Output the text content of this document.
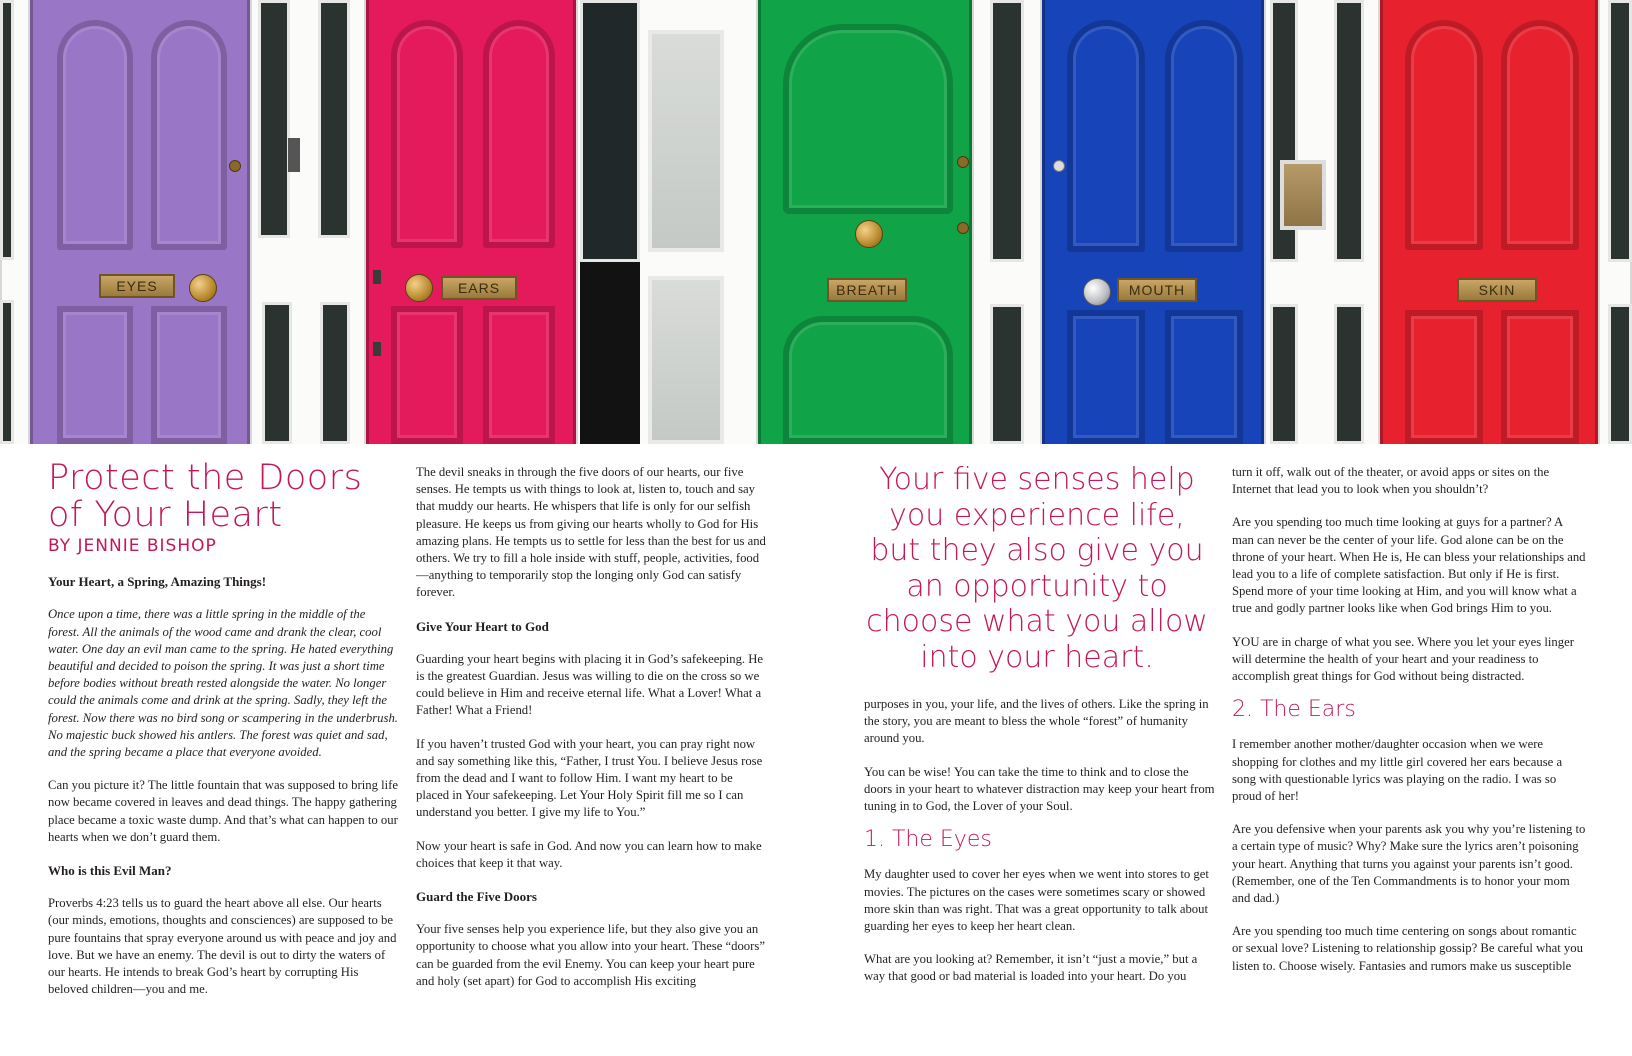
EYES	EARS	BREATH	MOUTH	SKIN
Protect the Doors of Your Heart
BY JENNIE BISHOP
Your Heart, a Spring, Amazing Things!

Once upon a time, there was a little spring in the middle of the forest. All the animals of the wood came and drank the clear, cool water. One day an evil man came to the spring. He hated everything beautiful and decided to poison the spring. It was just a short time before bodies without breath rested alongside the water. No longer could the animals come and drink at the spring. Sadly, they left the forest. Now there was no bird song or scampering in the underbrush. No majestic buck showed his antlers. The forest was quiet and sad, and the spring became a place that everyone avoided.

Can you picture it? The little fountain that was supposed to bring life now became covered in leaves and dead things. The happy gathering place became a toxic waste dump. And that’s what can happen to our hearts when we don’t guard them.

Who is this Evil Man?

Proverbs 4:23 tells us to guard the heart above all else. Our hearts (our minds, emotions, thoughts and consciences) are supposed to be pure fountains that spray everyone around us with peace and joy and love. But we have an enemy. The devil is out to dirty the waters of our hearts. He intends to break God’s heart by corrupting His beloved children—you and me.

The devil sneaks in through the five doors of our hearts, our five senses. He tempts us with things to look at, listen to, touch and say that muddy our hearts. He whispers that life is only for our selfish pleasure. He keeps us from giving our hearts wholly to God for His amazing plans. He tempts us to settle for less than the best for us and others. We try to fill a hole inside with stuff, people, activities, food—anything to temporarily stop the longing only God can satisfy forever.

Give Your Heart to God

Guarding your heart begins with placing it in God’s safekeeping. He is the greatest Guardian. Jesus was willing to die on the cross so we could believe in Him and receive eternal life. What a Lover! What a Father! What a Friend!

If you haven’t trusted God with your heart, you can pray right now and say something like this, “Father, I trust You. I believe Jesus rose from the dead and I want to follow Him. I want my heart to be placed in Your safekeeping. Let Your Holy Spirit fill me so I can understand you better. I give my life to You.”

Now your heart is safe in God. And now you can learn how to make choices that keep it that way.

Guard the Five Doors

Your five senses help you experience life, but they also give you an opportunity to choose what you allow into your heart. These “doors” can be guarded from the evil Enemy. You can keep your heart pure and holy (set apart) for God to accomplish His exciting

Your five senses help you experience life, but they also give you an opportunity to choose what you allow into your heart.

purposes in you, your life, and the lives of others. Like the spring in the story, you are meant to bless the whole “forest” of humanity around you.

You can be wise! You can take the time to think and to close the doors in your heart to whatever distraction may keep your heart from tuning in to God, the Lover of your Soul.

1. The Eyes

My daughter used to cover her eyes when we went into stores to get movies. The pictures on the cases were sometimes scary or showed more skin than was right. That was a great opportunity to talk about guarding her eyes to keep her heart clean.

What are you looking at? Remember, it isn’t “just a movie,” but a way that good or bad material is loaded into your heart. Do you

turn it off, walk out of the theater, or avoid apps or sites on the Internet that lead you to look when you shouldn’t?

Are you spending too much time looking at guys for a partner? A man can never be the center of your life. God alone can be on the throne of your heart. When He is, He can bless your relationships and lead you to a life of complete satisfaction. But only if He is first. Spend more of your time looking at Him, and you will know what a true and godly partner looks like when God brings Him to you.

YOU are in charge of what you see. Where you let your eyes linger will determine the health of your heart and your readiness to accomplish great things for God without being distracted.

2. The Ears

I remember another mother/daughter occasion when we were shopping for clothes and my little girl covered her ears because a song with questionable lyrics was playing on the radio. I was so proud of her!

Are you defensive when your parents ask you why you’re listening to a certain type of music? Why? Make sure the lyrics aren’t poisoning your heart. Anything that turns you against your parents isn’t good. (Remember, one of the Ten Commandments is to honor your mom and dad.)

Are you spending too much time centering on songs about romantic or sexual love? Listening to relationship gossip? Be careful what you listen to. Choose wisely. Fantasies and rumors make us susceptible
